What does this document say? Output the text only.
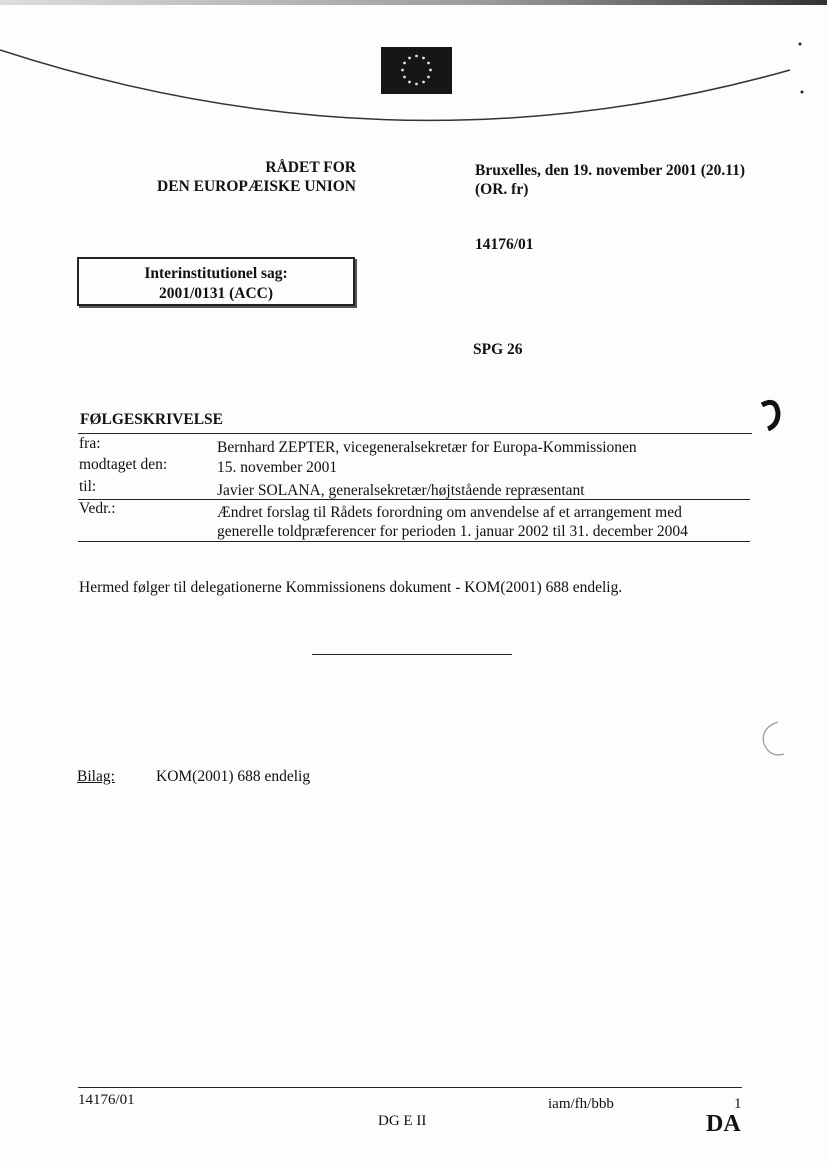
RÅDET FOR
DEN EUROPÆISKE UNION
Bruxelles, den 19. november 2001 (20.11)
(OR. fr)
14176/01
Interinstitutionel sag:
2001/0131 (ACC)
SPG 26
FØLGESKRIVELSE
fra:	Bernhard ZEPTER, vicegeneralsekretær for Europa-Kommissionen
modtaget den:	15. november 2001
til:	Javier SOLANA, generalsekretær/højtstående repræsentant
Vedr.:	Ændret forslag til Rådets forordning om anvendelse af et arrangement med
generelle toldpræferencer for perioden 1. januar 2002 til 31. december 2004
Hermed følger til delegationerne Kommissionens dokument - KOM(2001) 688 endelig.
Bilag:	KOM(2001) 688 endelig
14176/01
DG E II
iam/fh/bbb	1
DA
